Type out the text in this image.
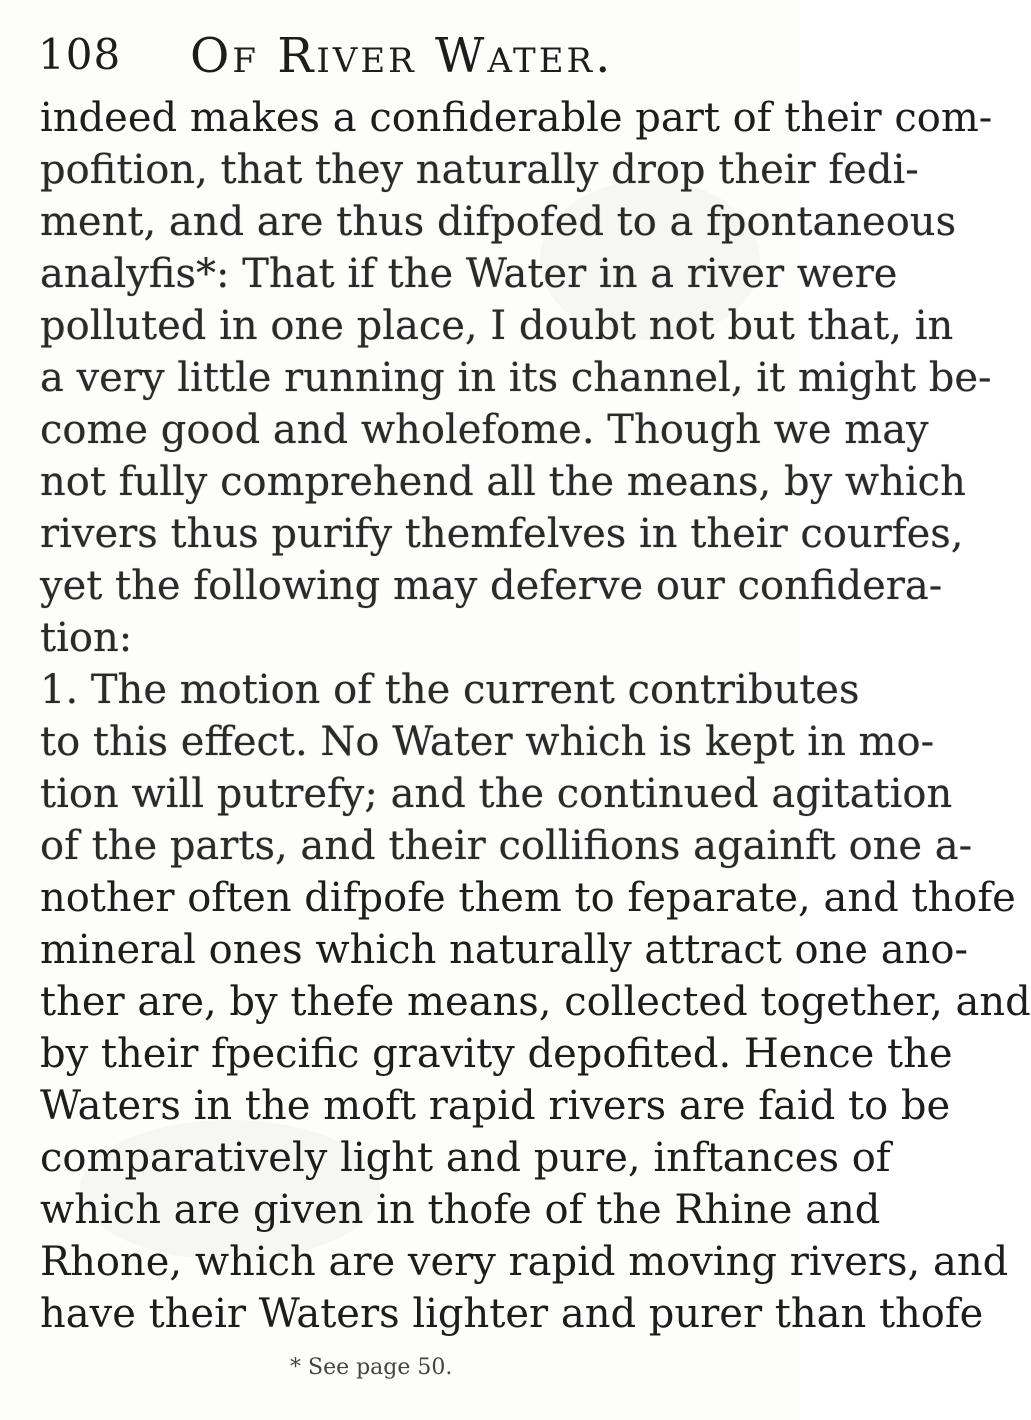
108 Of River Water.
indeed makes a confiderable part of their com-
pofition, that they naturally drop their fedi-
ment, and are thus difpofed to a fpontaneous
analyfis*: That if the Water in a river were
polluted in one place, I doubt not but that, in
a very little running in its channel, it might be-
come good and wholefome. Though we may
not fully comprehend all the means, by which
rivers thus purify themfelves in their courfes,
yet the following may deferve our confidera-
tion:
1. The motion of the current contributes
to this effect. No Water which is kept in mo-
tion will putrefy; and the continued agitation
of the parts, and their collifions againft one a-
nother often difpofe them to feparate, and thofe
mineral ones which naturally attract one ano-
ther are, by thefe means, collected together, and
by their fpecific gravity depofited. Hence the
Waters in the moft rapid rivers are faid to be
comparatively light and pure, inftances of
which are given in thofe of the Rhine and
Rhone, which are very rapid moving rivers, and
have their Waters lighter and purer than thofe
* See page 50.
